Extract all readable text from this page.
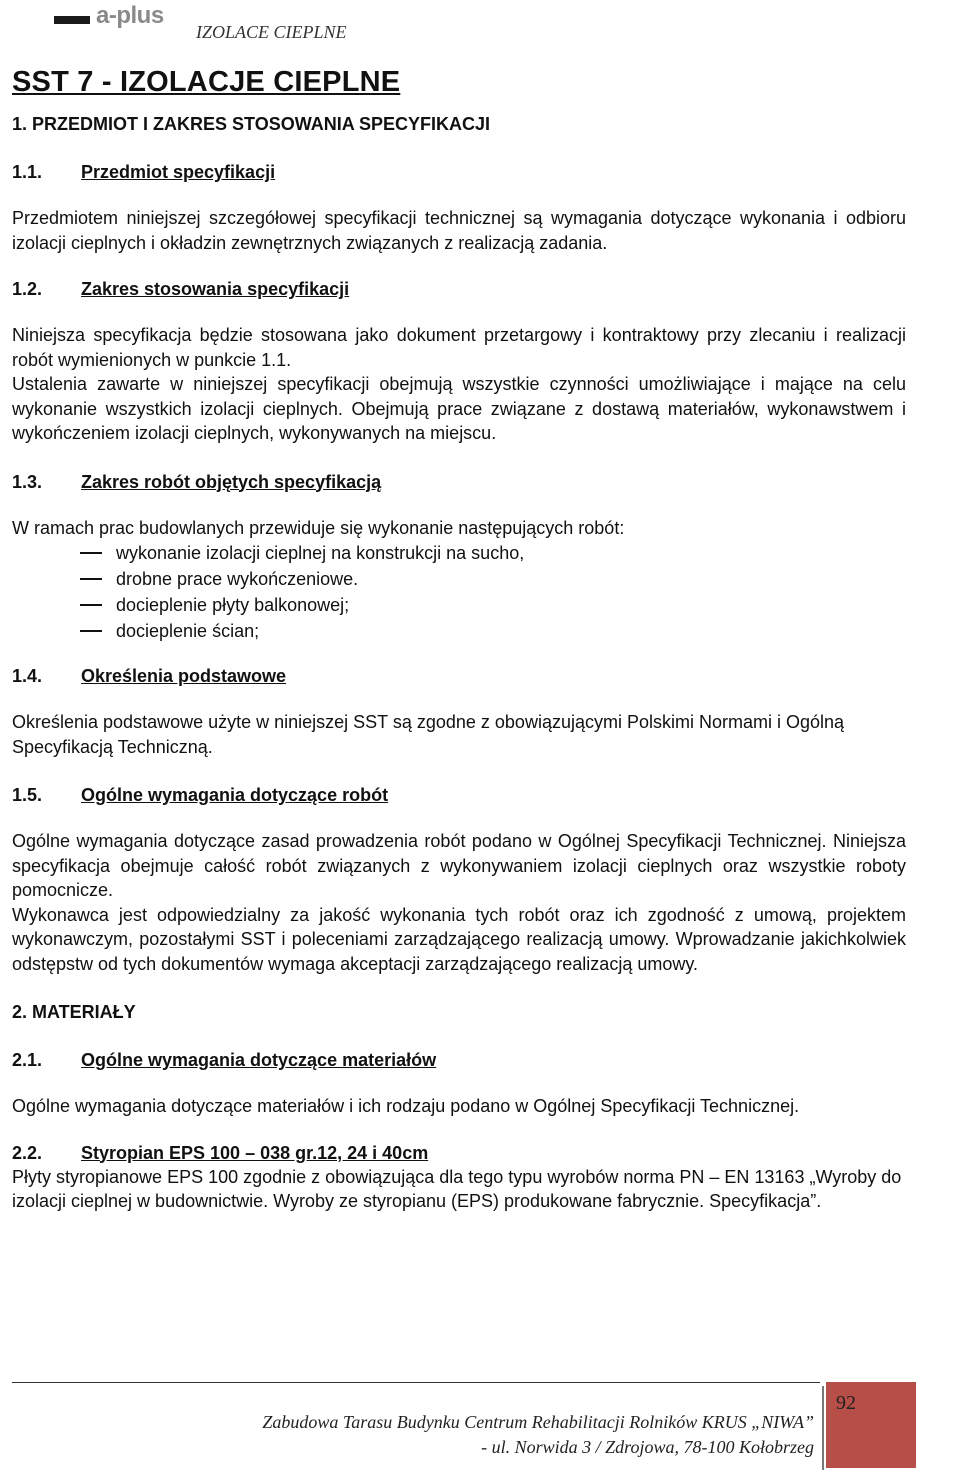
a-plus
IZOLACE CIEPLNE
SST 7 - IZOLACJE CIEPLNE
1. PRZEDMIOT I ZAKRES STOSOWANIA SPECYFIKACJI
1.1. Przedmiot specyfikacji

Przedmiotem niniejszej szczegółowej specyfikacji technicznej są wymagania dotyczące wykonania i odbioru izolacji cieplnych i okładzin zewnętrznych związanych z realizacją zadania.

1.2. Zakres stosowania specyfikacji

Niniejsza specyfikacja będzie stosowana jako dokument przetargowy i kontraktowy przy zlecaniu i realizacji robót wymienionych w punkcie 1.1.

Ustalenia zawarte w niniejszej specyfikacji obejmują wszystkie czynności umożliwiające i mające na celu wykonanie wszystkich izolacji cieplnych. Obejmują prace związane z dostawą materiałów, wykonawstwem i wykończeniem izolacji cieplnych, wykonywanych na miejscu.

1.3. Zakres robót objętych specyfikacją

W ramach prac budowlanych przewiduje się wykonanie następujących robót:

wykonanie izolacji cieplnej na konstrukcji na sucho,
drobne prace wykończeniowe.
docieplenie płyty balkonowej;
docieplenie ścian;
1.4. Określenia podstawowe

Określenia podstawowe użyte w niniejszej SST są zgodne z obowiązującymi Polskimi Normami i Ogólną Specyfikacją Techniczną.

1.5. Ogólne wymagania dotyczące robót

Ogólne wymagania dotyczące zasad prowadzenia robót podano w Ogólnej Specyfikacji Technicznej. Niniejsza specyfikacja obejmuje całość robót związanych z wykonywaniem izolacji cieplnych oraz wszystkie roboty pomocnicze.

Wykonawca jest odpowiedzialny za jakość wykonania tych robót oraz ich zgodność z umową, projektem wykonawczym, pozostałymi SST i poleceniami zarządzającego realizacją umowy. Wprowadzanie jakichkolwiek odstępstw od tych dokumentów wymaga akceptacji zarządzającego realizacją umowy.

2. MATERIAŁY
2.1. Ogólne wymagania dotyczące materiałów

Ogólne wymagania dotyczące materiałów i ich rodzaju podano w Ogólnej Specyfikacji Technicznej.

2.2. Styropian EPS 100 – 038 gr.12, 24 i 40cm

Płyty styropianowe EPS 100 zgodnie z obowiązująca dla tego typu wyrobów norma PN – EN 13163 „Wyroby do izolacji cieplnej w budownictwie. Wyroby ze styropianu (EPS) produkowane fabrycznie. Specyfikacja”.

92
Zabudowa Tarasu Budynku Centrum Rehabilitacji Rolników KRUS „NIWA”
- ul. Norwida 3 / Zdrojowa, 78-100 Kołobrzeg
